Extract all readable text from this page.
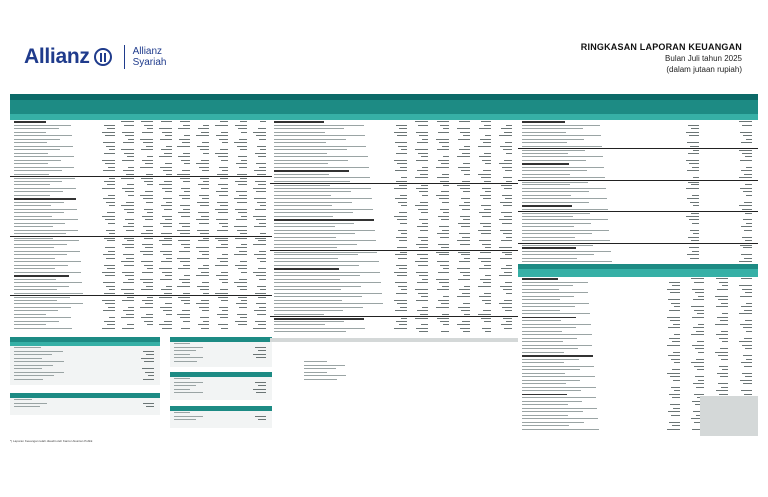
Allianz	Allianz
Syariah
RINGKASAN LAPORAN KEUANGAN
Bulan Juli tahun 2025
(dalam jutaan rupiah)
*) Laporan Keuangan telah diaudit oleh Kantor Akuntan Publik
